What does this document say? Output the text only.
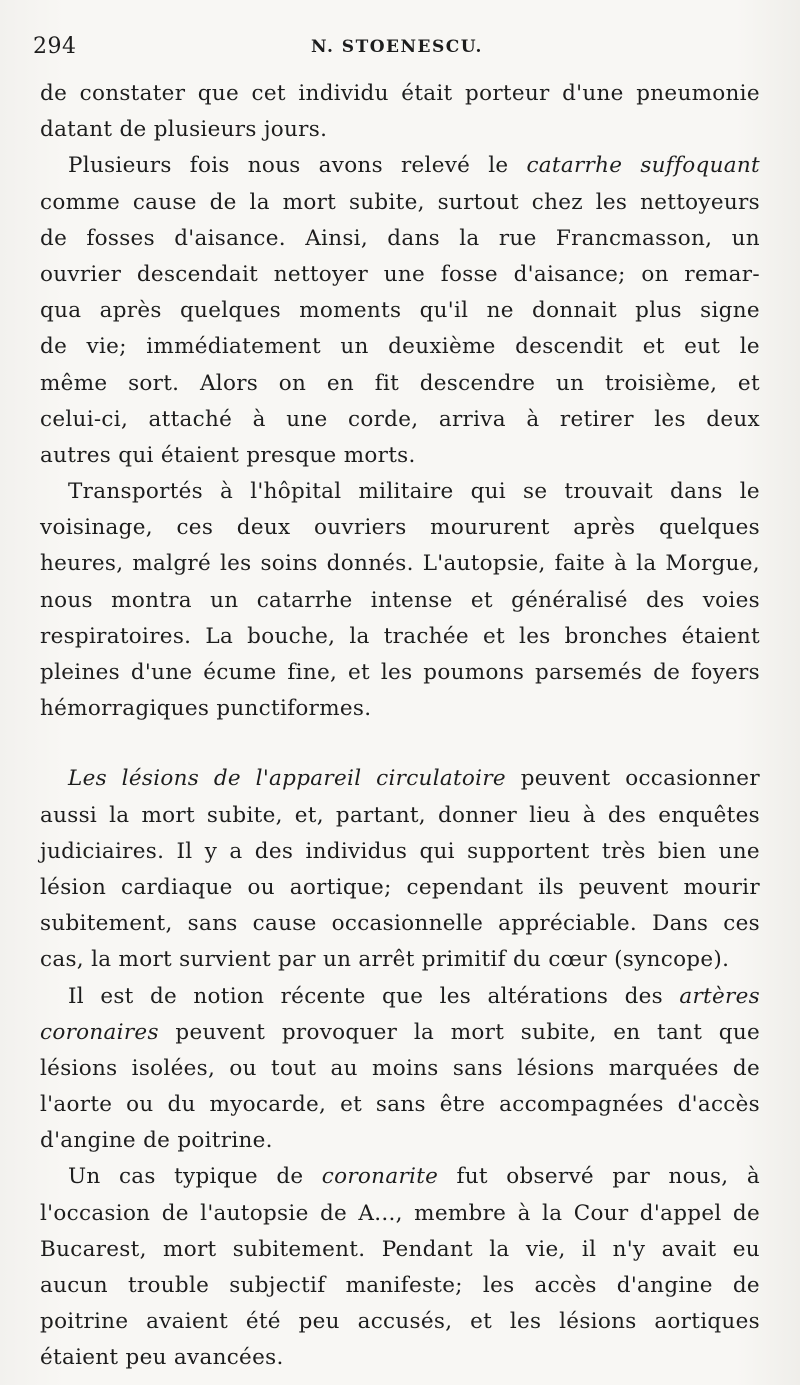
294	N. STOENESCU.
de constater que cet individu était porteur d'une pneumonie
datant
de
plusieurs
jours.
Plusieurs fois nous avons relevé le catarrhe suffoquant
comme cause de la mort subite, surtout chez les nettoyeurs
de fosses d'aisance. Ainsi, dans la rue Francmasson, un
ouvrier descendait nettoyer une fosse d'aisance; on remar-
qua après quelques moments qu'il ne donnait plus signe
de vie; immédiatement un deuxième descendit et eut le
même sort. Alors on en fit descendre un troisième, et
celui-ci, attaché à une corde, arriva à retirer les deux
autres
qui
étaient
presque
morts.
Transportés à l'hôpital militaire qui se trouvait dans le
voisinage, ces deux ouvriers moururent après quelques
heures, malgré les soins donnés. L'autopsie, faite à la Morgue,
nous montra un catarrhe intense et généralisé des voies
respiratoires. La bouche, la trachée et les bronches étaient
pleines d'une écume fine, et les poumons parsemés de foyers
hémorragiques
punctiformes.
Les lésions de l'appareil circulatoire peuvent occasionner
aussi la mort subite, et, partant, donner lieu à des enquêtes
judiciaires. Il y a des individus qui supportent très bien une
lésion cardiaque ou aortique; cependant ils peuvent mourir
subitement, sans cause occasionnelle appréciable. Dans ces
cas,
la
mort
survient
par
un
arrêt
primitif
du
cœur
(syncope).
Il est de notion récente que les altérations des artères
coronaires peuvent provoquer la mort subite, en tant que
lésions isolées, ou tout au moins sans lésions marquées de
l'aorte ou du myocarde, et sans être accompagnées d'accès
d'angine
de
poitrine.
Un cas typique de coronarite fut observé par nous, à
l'occasion de l'autopsie de A..., membre à la Cour d'appel de
Bucarest, mort subitement. Pendant la vie, il n'y avait eu
aucun trouble subjectif manifeste; les accès d'angine de
poitrine avaient été peu accusés, et les lésions aortiques
étaient
peu
avancées.
